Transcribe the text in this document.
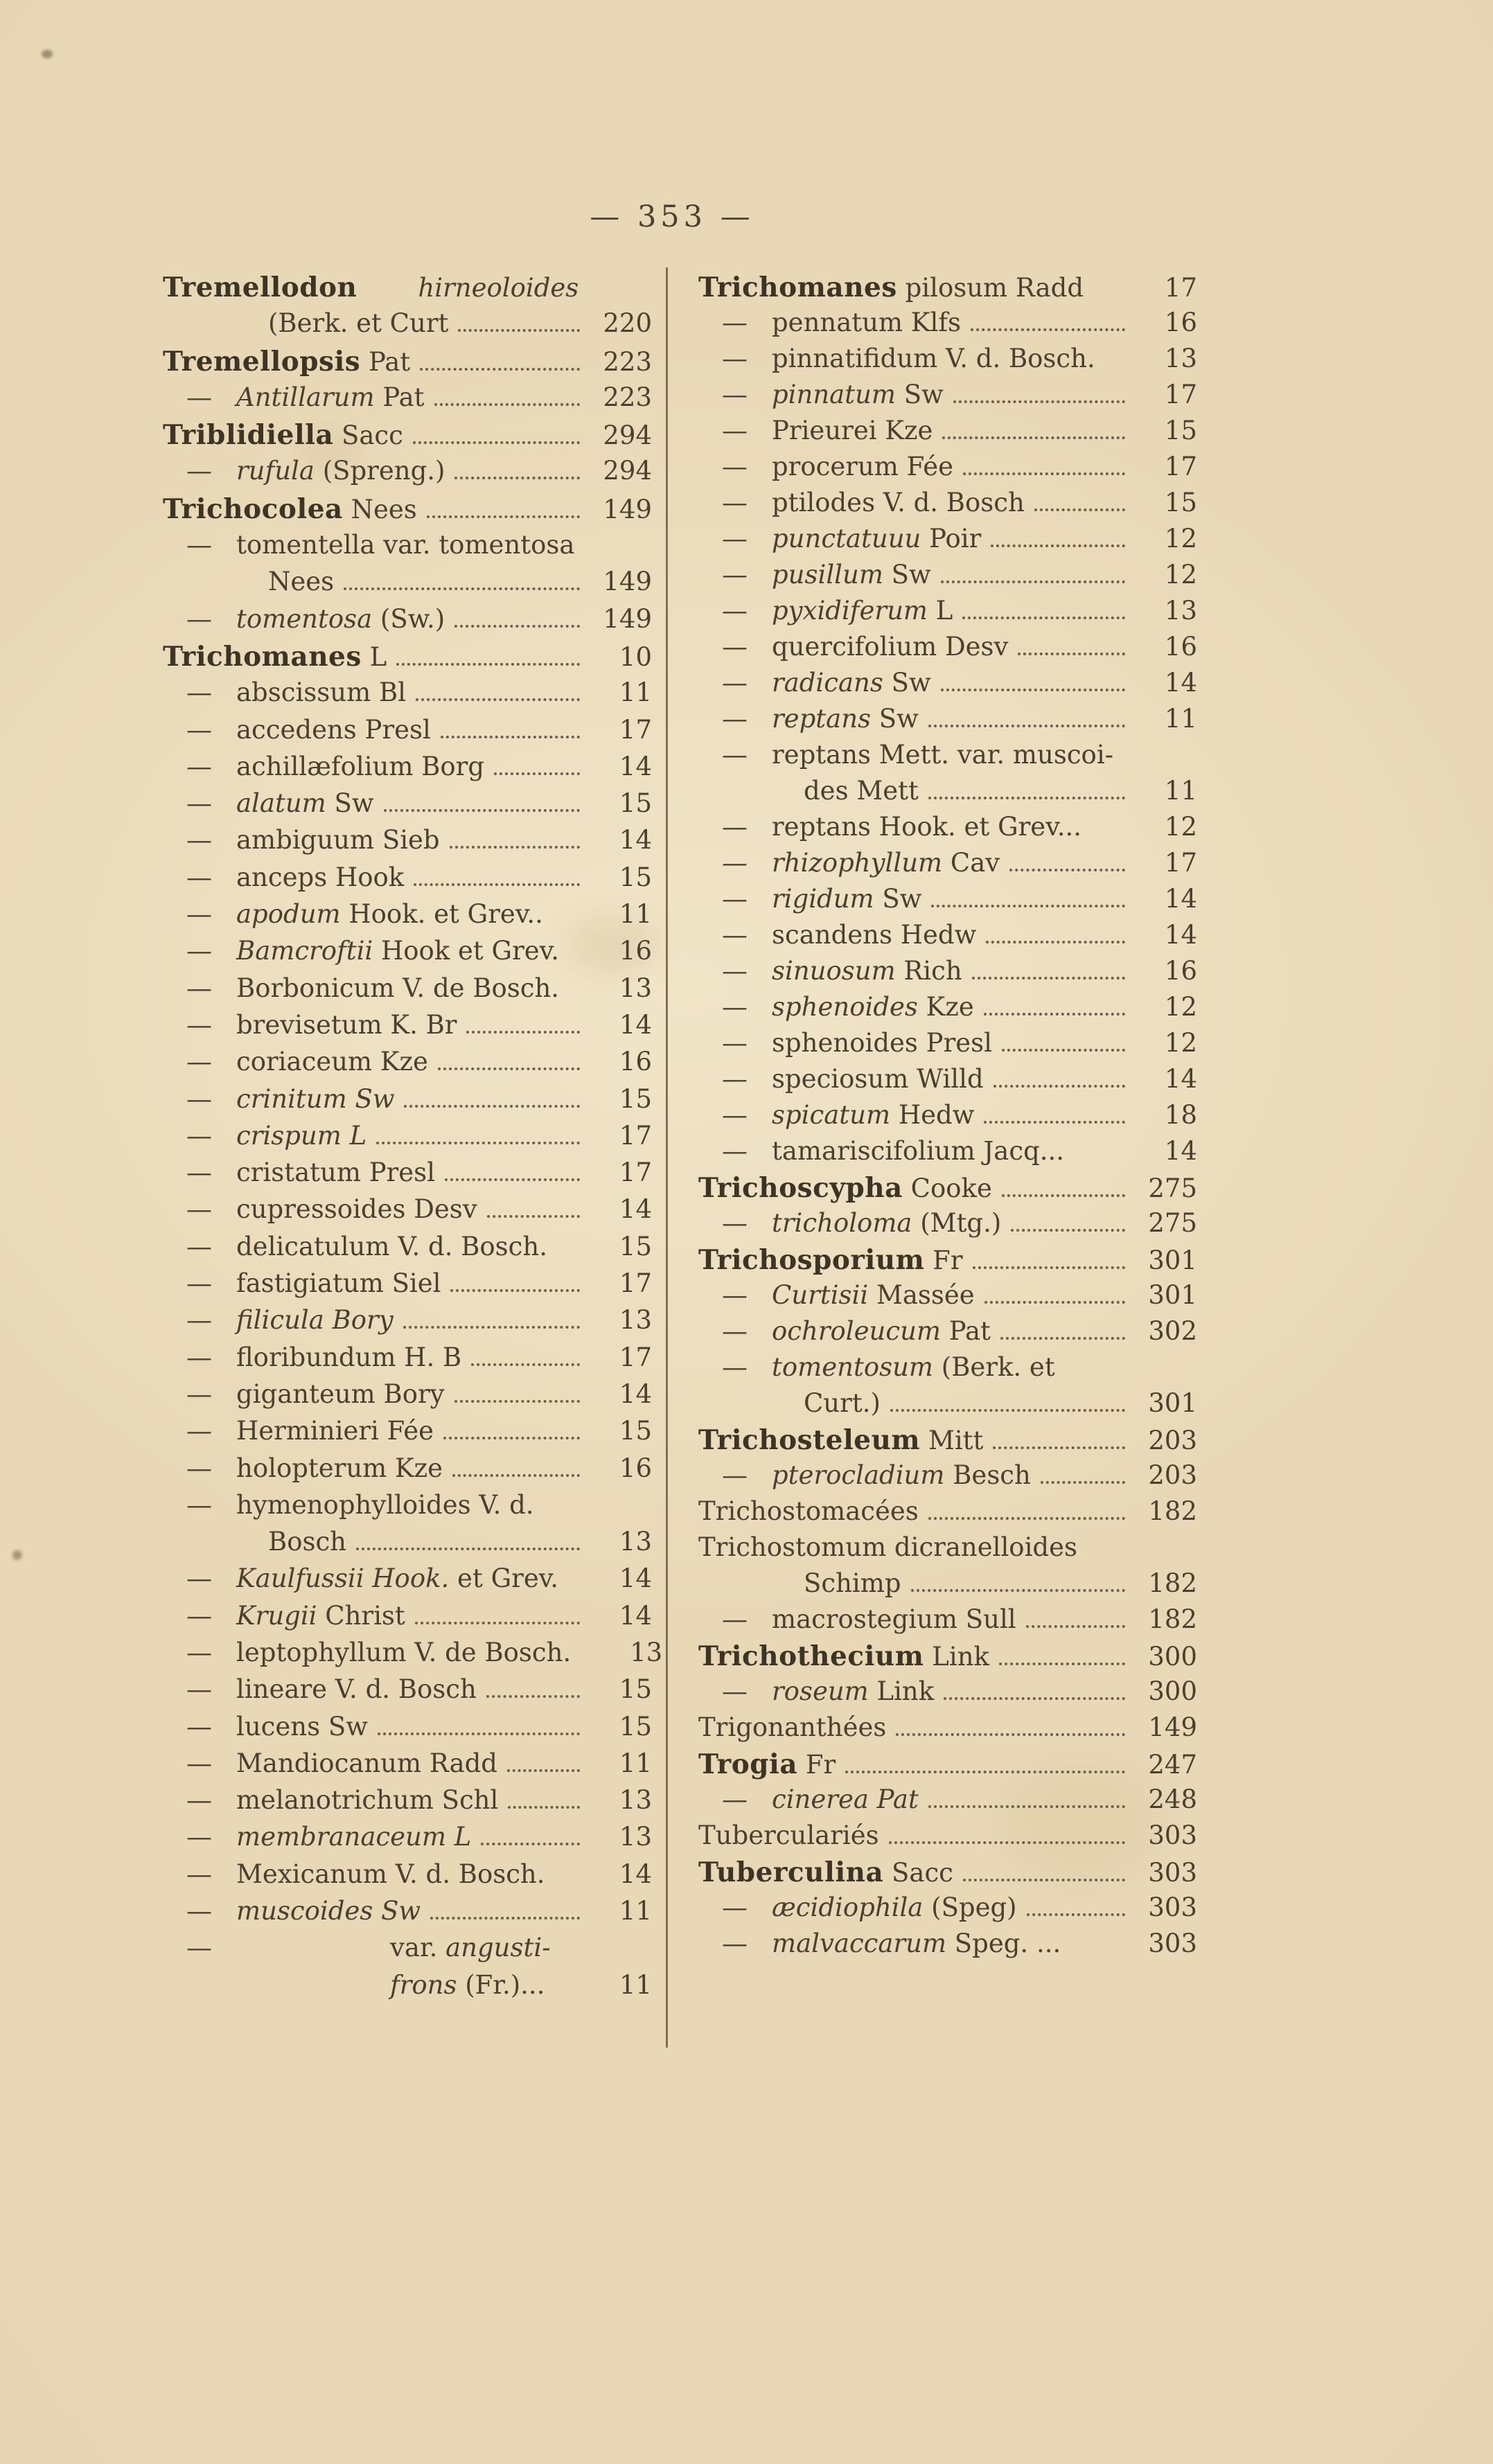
— 353 —
Tremellodon hirneoloides
(Berk. et Curt	220
Tremellopsis Pat	223
— Antillarum Pat	223
Triblidiella Sacc	294
— rufula (Spreng.)	294
Trichocolea Nees	149
— tomentella var. tomentosa
Nees	149
— tomentosa (Sw.)	149
Trichomanes L	10
— abscissum Bl	11
— accedens Presl	17
— achillæfolium Borg	14
— alatum Sw	15
— ambiguum Sieb	14
— anceps Hook	15
— apodum Hook. et Grev..	11
— Bamcroftii Hook et Grev.	16
— Borbonicum V. de Bosch.	13
— brevisetum K. Br	14
— coriaceum Kze	16
— crinitum Sw	15
— crispum L	17
— cristatum Presl	17
— cupressoides Desv	14
— delicatulum V. d. Bosch.	15
— fastigiatum Siel	17
— filicula Bory	13
— floribundum H. B	17
— giganteum Bory	14
— Herminieri Fée	15
— holopterum Kze	16
— hymenophylloides V. d.
Bosch	13
— Kaulfussii Hook. et Grev.	14
— Krugii Christ	14
— leptophyllum V. de Bosch.	13
— lineare V. d. Bosch	15
— lucens Sw	15
— Mandiocanum Radd	11
— melanotrichum Schl	13
— membranaceum L	13
— Mexicanum V. d. Bosch.	14
— muscoides Sw	11
—	var. angusti-
frons (Fr.)...	11
Trichomanes pilosum Radd	17
— pennatum Klfs	16
— pinnatifidum V. d. Bosch.	13
— pinnatum Sw	17
— Prieurei Kze	15
— procerum Fée	17
— ptilodes V. d. Bosch	15
— punctatuuu Poir	12
— pusillum Sw	12
— pyxidiferum L	13
— quercifolium Desv	16
— radicans Sw	14
— reptans Sw	11
— reptans Mett. var. muscoi-
des Mett	11
— reptans Hook. et Grev...	12
— rhizophyllum Cav	17
— rigidum Sw	14
— scandens Hedw	14
— sinuosum Rich	16
— sphenoides Kze	12
— sphenoides Presl	12
— speciosum Willd	14
— spicatum Hedw	18
— tamariscifolium Jacq...	14
Trichoscypha Cooke	275
— tricholoma (Mtg.)	275
Trichosporium Fr	301
— Curtisii Massée	301
— ochroleucum Pat	302
— tomentosum (Berk. et
Curt.)	301
Trichosteleum Mitt	203
— pterocladium Besch	203
Trichostomacées	182
Trichostomum dicranelloides
Schimp	182
— macrostegium Sull	182
Trichothecium Link	300
— roseum Link	300
Trigonanthées	149
Trogia Fr	247
— cinerea Pat	248
Tuberculariés	303
Tuberculina Sacc	303
— æcidiophila (Speg)	303
— malvaccarum Speg. ...	303
